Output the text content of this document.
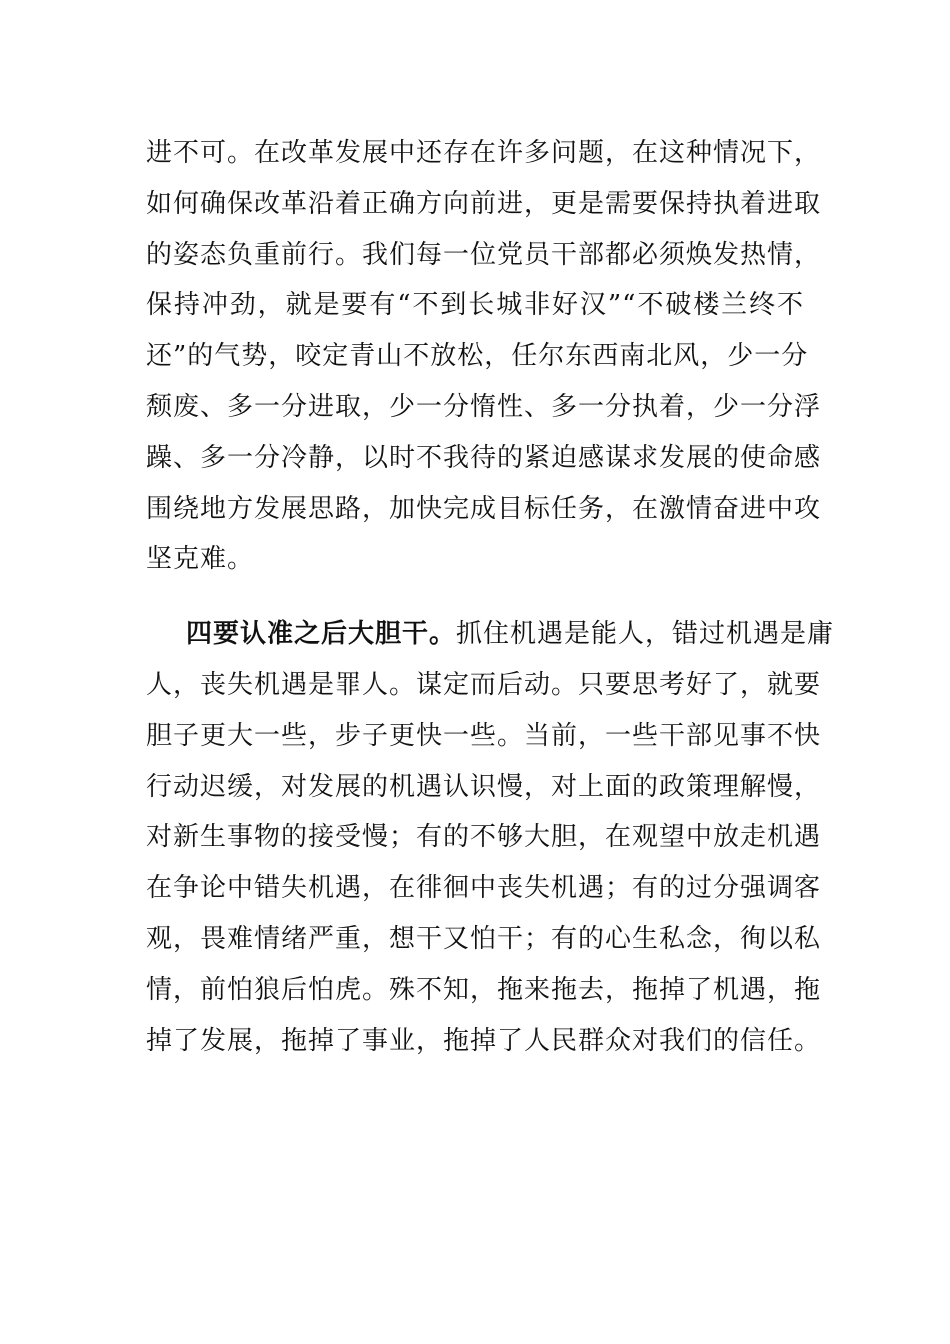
进不可。在改革发展中还存在许多问题，在这种情况下，
如何确保改革沿着正确方向前进，更是需要保持执着进取
的姿态负重前行。我们每一位党员干部都必须焕发热情，
保持冲劲，就是要有“不到长城非好汉”“不破楼兰终不
还”的气势，咬定青山不放松，任尔东西南北风，少一分
颓废、多一分进取，少一分惰性、多一分执着，少一分浮
躁、多一分冷静，以时不我待的紧迫感谋求发展的使命感
围绕地方发展思路，加快完成目标任务，在激情奋进中攻
坚克难。
四要认准之后大胆干。抓住机遇是能人，错过机遇是庸
人，丧失机遇是罪人。谋定而后动。只要思考好了，就要
胆子更大一些，步子更快一些。当前，一些干部见事不快
行动迟缓，对发展的机遇认识慢，对上面的政策理解慢，
对新生事物的接受慢；有的不够大胆，在观望中放走机遇
在争论中错失机遇，在徘徊中丧失机遇；有的过分强调客
观，畏难情绪严重，想干又怕干；有的心生私念，徇以私
情，前怕狼后怕虎。殊不知，拖来拖去，拖掉了机遇，拖
掉了发展，拖掉了事业，拖掉了人民群众对我们的信任。
